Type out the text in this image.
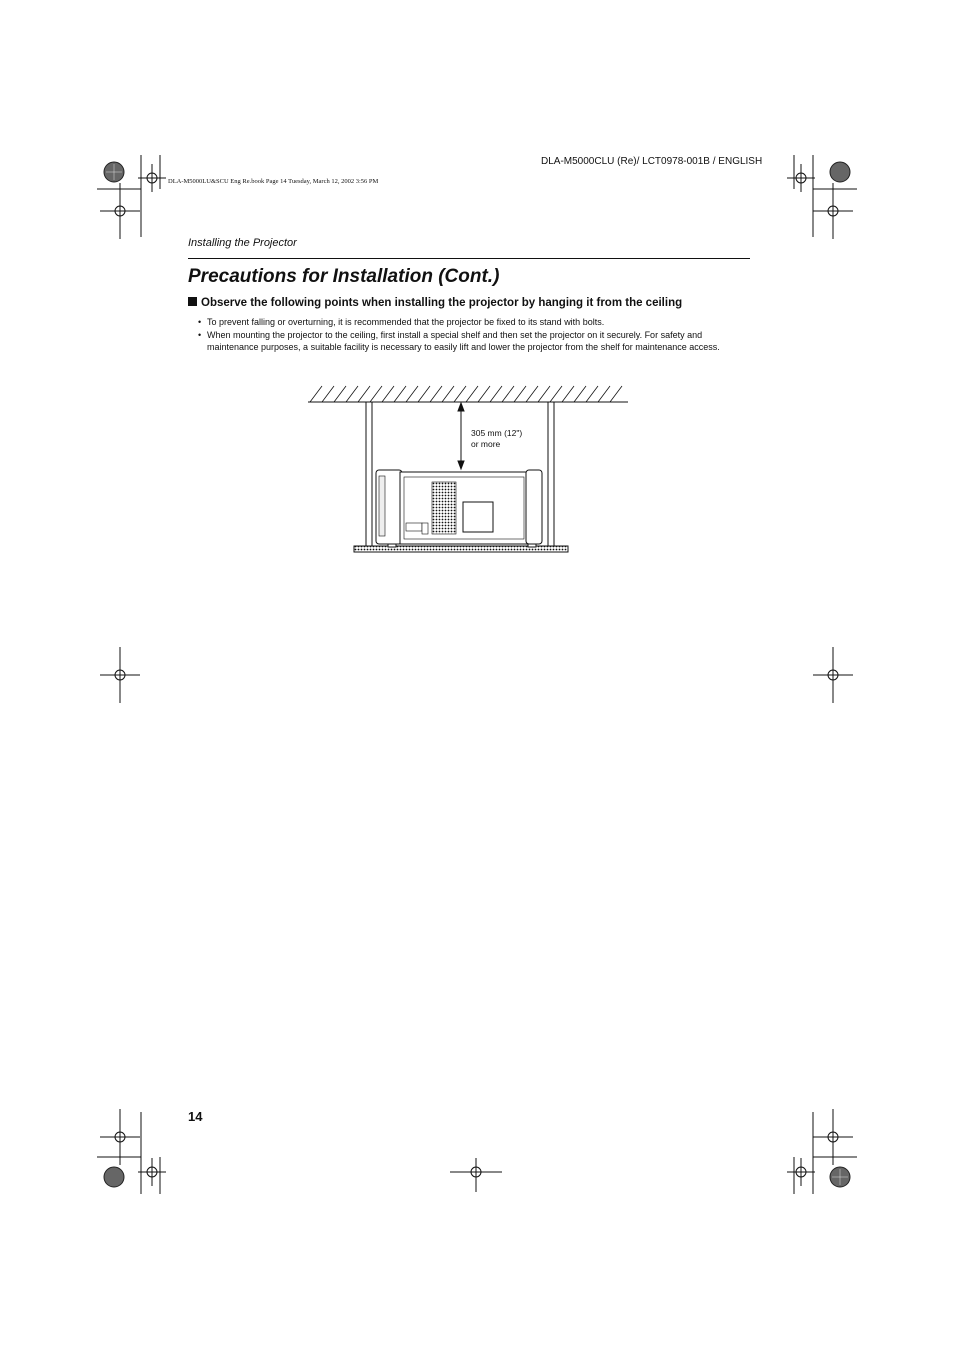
DLA-M5000CLU (Re)/ LCT0978-001B / ENGLISH
DLA-M5000LU&SCU Eng Re.book Page 14 Tuesday, March 12, 2002 3:56 PM
Installing the Projector
Precautions for Installation (Cont.)
Observe the following points when installing the projector by hanging it from the ceiling
• To prevent falling or overturning, it is recommended that the projector be fixed to its stand with bolts.
• When mounting the projector to the ceiling, first install a special shelf and then set the projector on it securely. For safety and maintenance purposes, a suitable facility is necessary to easily lift and lower the projector from the shelf for maintenance access.
305 mm (12")
or more
14
